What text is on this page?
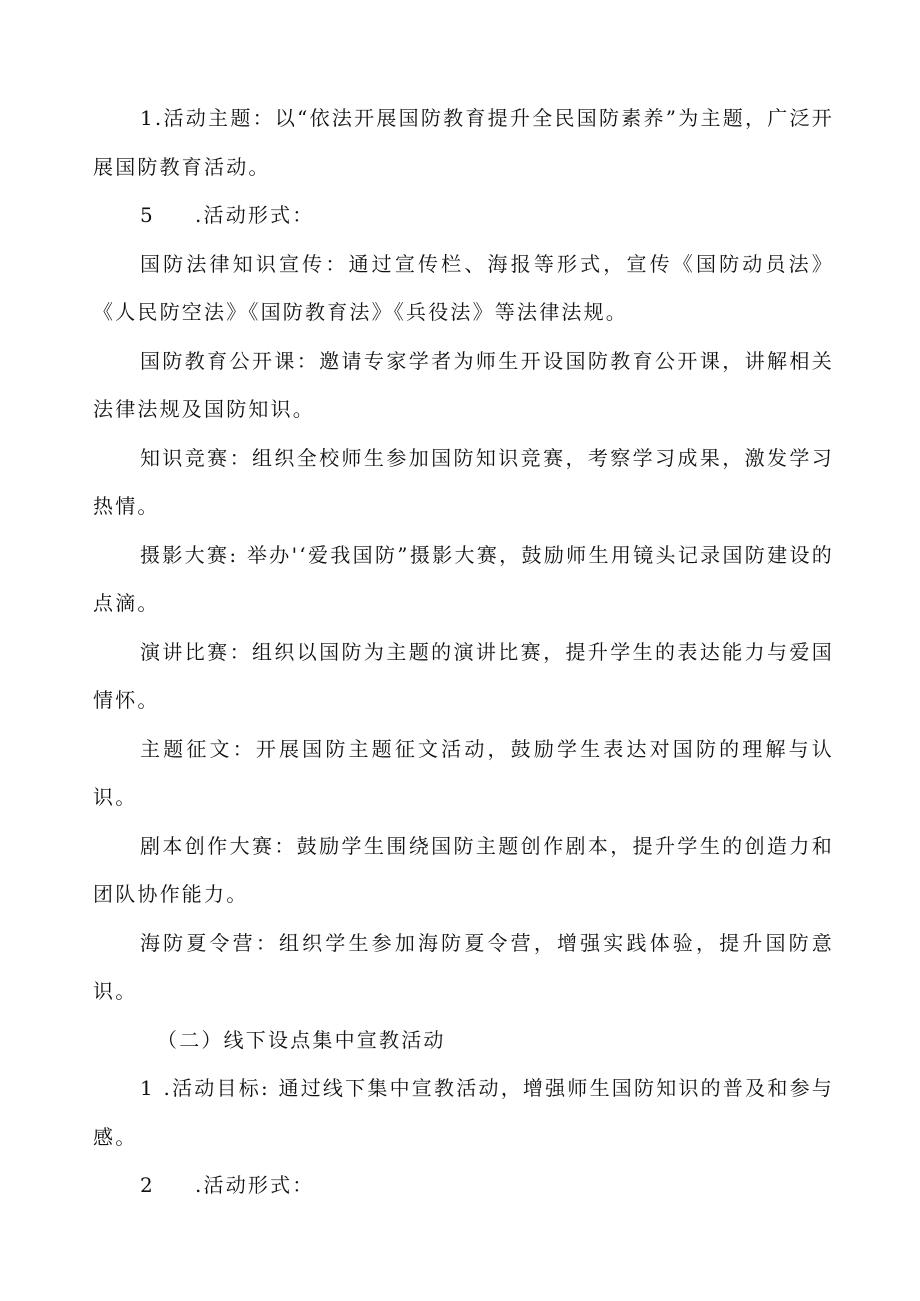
1.活动主题：以“依法开展国防教育提升全民国防素养”为主题，广泛开展国防教育活动。

5 .活动形式：

国防法律知识宣传：通过宣传栏、海报等形式，宣传《国防动员法》《人民防空法》《国防教育法》《兵役法》等法律法规。

国防教育公开课：邀请专家学者为师生开设国防教育公开课，讲解相关法律法规及国防知识。

知识竞赛：组织全校师生参加国防知识竞赛，考察学习成果，激发学习热情。

摄影大赛: 举办'‘爱我国防”摄影大赛，鼓励师生用镜头记录国防建设的点滴。

演讲比赛：组织以国防为主题的演讲比赛，提升学生的表达能力与爱国情怀。

主题征文：开展国防主题征文活动，鼓励学生表达对国防的理解与认识。

剧本创作大赛：鼓励学生围绕国防主题创作剧本，提升学生的创造力和团队协作能力。

海防夏令营：组织学生参加海防夏令营，增强实践体验，提升国防意识。

（二）线下设点集中宣教活动

1 .活动目标: 通过线下集中宣教活动，增强师生国防知识的普及和参与感。

2 .活动形式：
